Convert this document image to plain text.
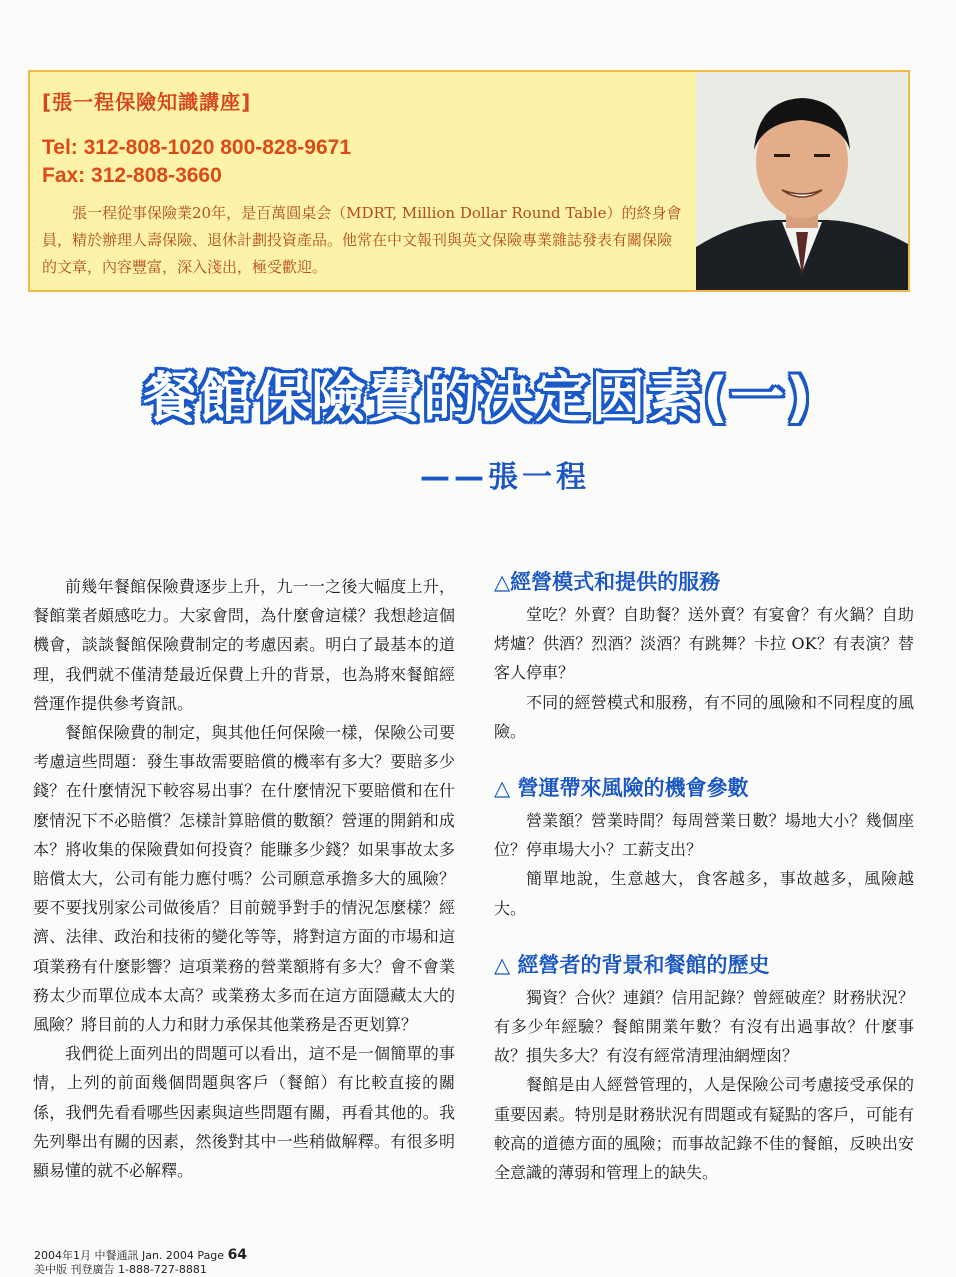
[張一程保險知識講座]

Tel: 312-808-1020 800-828-9671

Fax: 312-808-3660

張一程從事保險業20年，是百萬圓桌会（MDRT, Million Dollar Round Table）的終身會員，精於辦理人壽保險、退休計劃投資產品。他常在中文報刊與英文保險專業雜誌發表有關保險的文章，內容豐富，深入淺出，極受歡迎。

餐館保險費的決定因素(一)

——張一程

前幾年餐館保險費逐步上升，九一一之後大幅度上升，餐館業者頗感吃力。大家會問，為什麼會這樣？我想趁這個機會，談談餐館保險費制定的考慮因素。明白了最基本的道理，我們就不僅清楚最近保費上升的背景，也為將來餐館經營運作提供參考資訊。

餐館保險費的制定，與其他任何保險一樣，保險公司要考慮這些問題：發生事故需要賠償的機率有多大？要賠多少錢？在什麼情況下較容易出事？在什麼情況下要賠償和在什麼情況下不必賠償？怎樣計算賠償的數額？營運的開銷和成本？將收集的保險費如何投資？能賺多少錢？如果事故太多賠償太大，公司有能力應付嗎？公司願意承擔多大的風險？要不要找別家公司做後盾？目前競爭對手的情況怎麼樣？經濟、法律、政治和技術的變化等等，將對這方面的市場和這項業務有什麼影響？這項業務的營業額將有多大？會不會業務太少而單位成本太高？或業務太多而在這方面隱藏太大的風險？將目前的人力和財力承保其他業務是否更划算？

我們從上面列出的問題可以看出，這不是一個簡單的事情，上列的前面幾個問題與客戶（餐館）有比較直接的關係，我們先看看哪些因素與這些問題有關，再看其他的。我先列舉出有關的因素，然後對其中一些稍做解釋。有很多明顯易懂的就不必解釋。

△經營模式和提供的服務

堂吃？外賣？自助餐？送外賣？有宴會？有火鍋？自助烤爐？供酒？烈酒？淡酒？有跳舞？卡拉 OK？有表演？替客人停車？

不同的經營模式和服務，有不同的風險和不同程度的風險。

△ 營運帶來風險的機會參數

營業額？營業時間？每周營業日數？場地大小？幾個座位？停車場大小？工薪支出？

簡單地說，生意越大，食客越多，事故越多，風險越大。

△ 經營者的背景和餐館的歷史

獨資？合伙？連鎖？信用記錄？曾經破産？財務狀況？有多少年經驗？餐館開業年數？有沒有出過事故？什麼事故？損失多大？有沒有經常清理油網煙囱？

餐館是由人經營管理的，人是保險公司考慮接受承保的重要因素。特別是財務狀況有問題或有疑點的客戶，可能有較高的道德方面的風險；而事故記錄不佳的餐館，反映出安全意識的薄弱和管理上的缺失。

2004年1月 中餐通訊 Jan. 2004 Page 64
美中版 刊登廣告 1-888-727-8881
